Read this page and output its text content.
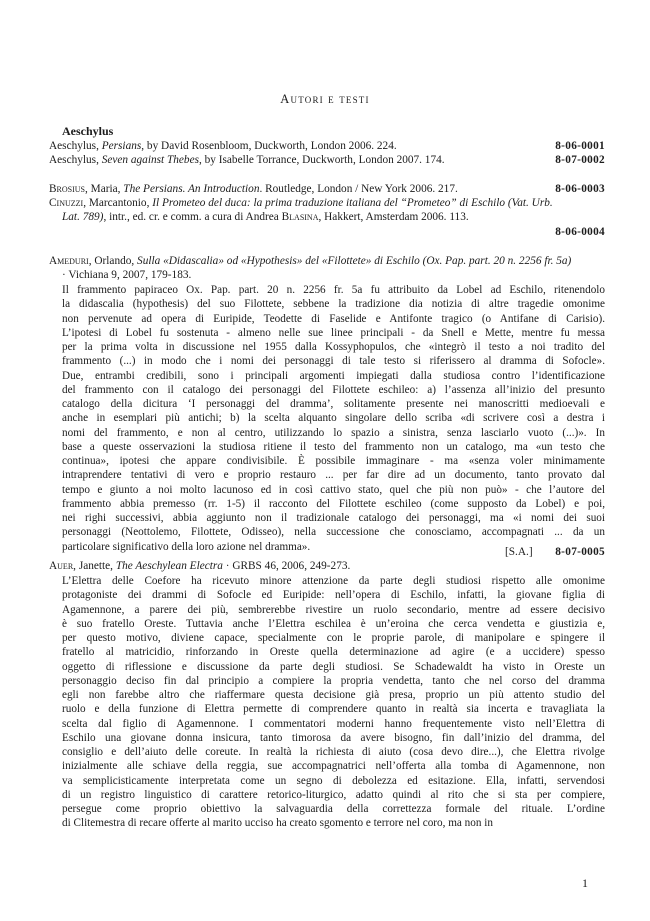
Autori e testi
Aeschylus
Aeschylus, Persians, by David Rosenbloom, Duckworth, London 2006. 224.	8-06-0001
Aeschylus, Seven against Thebes, by Isabelle Torrance, Duckworth, London 2007. 174.	8-07-0002
Brosius, Maria, The Persians. An Introduction. Routledge, London / New York 2006. 217.	8-06-0003
Cinuzzi, Marcantonio, Il Prometeo del duca: la prima traduzione italiana del “Prometeo” di Eschilo (Vat. Urb.
Lat. 789), intr., ed. cr. e comm. a cura di Andrea Blasina, Hakkert, Amsterdam 2006. 113.
8-06-0004
Ameduri, Orlando, Sulla «Didascalia» od «Hypothesis» del «Filottete» di Eschilo (Ox. Pap. part. 20 n. 2256 fr. 5a)
· Vichiana 9, 2007, 179-183.
Il frammento papiraceo Ox. Pap. part. 20 n. 2256 fr. 5a fu attribuito da Lobel ad Eschilo, ritenendolo
la didascalia (hypothesis) del suo Filottete, sebbene la tradizione dia notizia di altre tragedie omonime
non pervenute ad opera di Euripide, Teodette di Faselide e Antifonte tragico (o Antifane di Carisio).
L’ipotesi di Lobel fu sostenuta - almeno nelle sue linee principali - da Snell e Mette, mentre fu messa
per la prima volta in discussione nel 1955 dalla Kossyphopulos, che «integrò il testo a noi tradito del
frammento (...) in modo che i nomi dei personaggi di tale testo si riferissero al dramma di Sofocle».
Due, entrambi credibili, sono i principali argomenti impiegati dalla studiosa contro l’identificazione
del frammento con il catalogo dei personaggi del Filottete eschileo: a) l’assenza all’inizio del presunto
catalogo della dicitura ‘I personaggi del dramma’, solitamente presente nei manoscritti medioevali e
anche in esemplari più antichi; b) la scelta alquanto singolare dello scriba «di scrivere così a destra i
nomi del frammento, e non al centro, utilizzando lo spazio a sinistra, senza lasciarlo vuoto (...)». In
base a queste osservazioni la studiosa ritiene il testo del frammento non un catalogo, ma «un testo che
continua», ipotesi che appare condivisibile. È possibile immaginare - ma «senza voler minimamente
intraprendere tentativi di vero e proprio restauro ... per far dire ad un documento, tanto provato dal
tempo e giunto a noi molto lacunoso ed in così cattivo stato, quel che più non può» - che l’autore del
frammento abbia premesso (rr. 1-5) il racconto del Filottete eschileo (come supposto da Lobel) e poi,
nei righi successivi, abbia aggiunto non il tradizionale catalogo dei personaggi, ma «i nomi dei suoi
personaggi (Neottolemo, Filottete, Odisseo), nella successione che conosciamo, accompagnati ... da un
particolare significativo della loro azione nel dramma».	[S.A.] 8-07-0005
Auer, Janette, The Aeschylean Electra · GRBS 46, 2006, 249-273.
L’Elettra delle Coefore ha ricevuto minore attenzione da parte degli studiosi rispetto alle omonime
protagoniste dei drammi di Sofocle ed Euripide: nell’opera di Eschilo, infatti, la giovane figlia di
Agamennone, a parere dei più, sembrerebbe rivestire un ruolo secondario, mentre ad essere decisivo
è suo fratello Oreste. Tuttavia anche l’Elettra eschilea è un’eroina che cerca vendetta e giustizia e,
per questo motivo, diviene capace, specialmente con le proprie parole, di manipolare e spingere il
fratello al matricidio, rinforzando in Oreste quella determinazione ad agire (e a uccidere) spesso
oggetto di riflessione e discussione da parte degli studiosi. Se Schadewaldt ha visto in Oreste un
personaggio deciso fin dal principio a compiere la propria vendetta, tanto che nel corso del dramma
egli non farebbe altro che riaffermare questa decisione già presa, proprio un più attento studio del
ruolo e della funzione di Elettra permette di comprendere quanto in realtà sia incerta e travagliata la
scelta dal figlio di Agamennone. I commentatori moderni hanno frequentemente visto nell’Elettra di
Eschilo una giovane donna insicura, tanto timorosa da avere bisogno, fin dall’inizio del dramma, del
consiglio e dell’aiuto delle coreute. In realtà la richiesta di aiuto (cosa devo dire...), che Elettra rivolge
inizialmente alle schiave della reggia, sue accompagnatrici nell’offerta alla tomba di Agamennone, non
va semplicisticamente interpretata come un segno di debolezza ed esitazione. Ella, infatti, servendosi
di un registro linguistico di carattere retorico-liturgico, adatto quindi al rito che si sta per compiere,
persegue come proprio obiettivo la salvaguardia della correttezza formale del rituale. L’ordine
di Clitemestra di recare offerte al marito ucciso ha creato sgomento e terrore nel coro, ma non in
1
